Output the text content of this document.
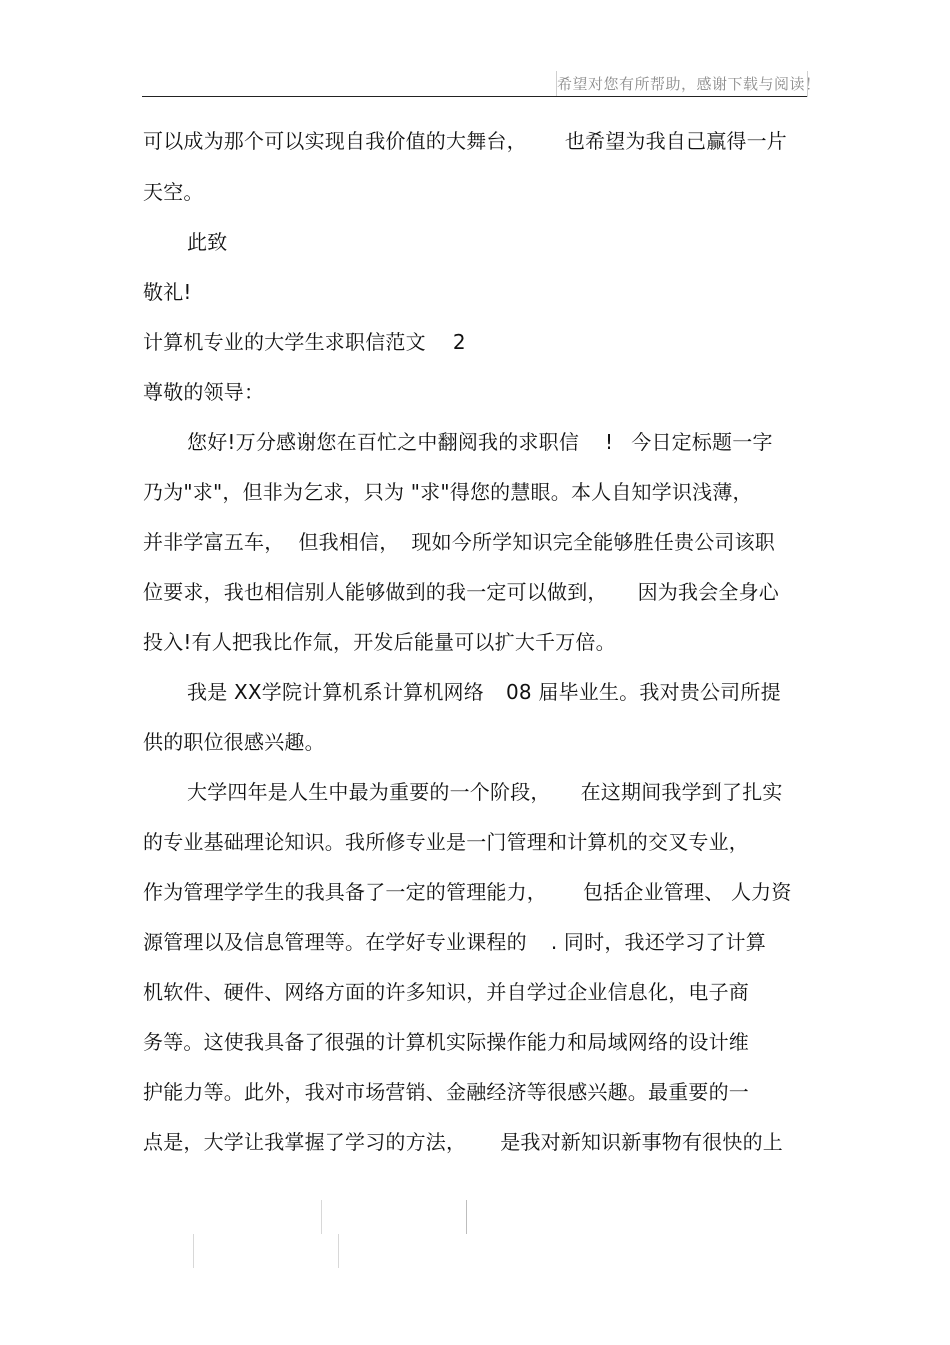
希望对您有所帮助，感谢下载与阅读！
可以成为那个可以实现自我价值的大舞台， 也希望为我自己赢得一片
天空。
此致
敬礼!
计算机专业的大学生求职信范文 2
尊敬的领导：
您好!万分感谢您在百忙之中翻阅我的求职信 ! 今日定标题一字
乃为"求"，但非为乞求，只为 "求"得您的慧眼。本人自知学识浅薄，
并非学富五车， 但我相信， 现如今所学知识完全能够胜任贵公司该职
位要求，我也相信别人能够做到的我一定可以做到， 因为我会全身心
投入!有人把我比作氚，开发后能量可以扩大千万倍。
我是 XX学院计算机系计算机网络 08 届毕业生。我对贵公司所提
供的职位很感兴趣。
大学四年是人生中最为重要的一个阶段， 在这期间我学到了扎实
的专业基础理论知识。我所修专业是一门管理和计算机的交叉专业，
作为管理学学生的我具备了一定的管理能力， 包括企业管理、 人力资
源管理以及信息管理等。在学好专业课程的 . 同时，我还学习了计算
机软件、硬件、网络方面的许多知识，并自学过企业信息化，电子商
务等。这使我具备了很强的计算机实际操作能力和局域网络的设计维
护能力等。此外，我对市场营销、金融经济等很感兴趣。最重要的一
点是，大学让我掌握了学习的方法， 是我对新知识新事物有很快的上
